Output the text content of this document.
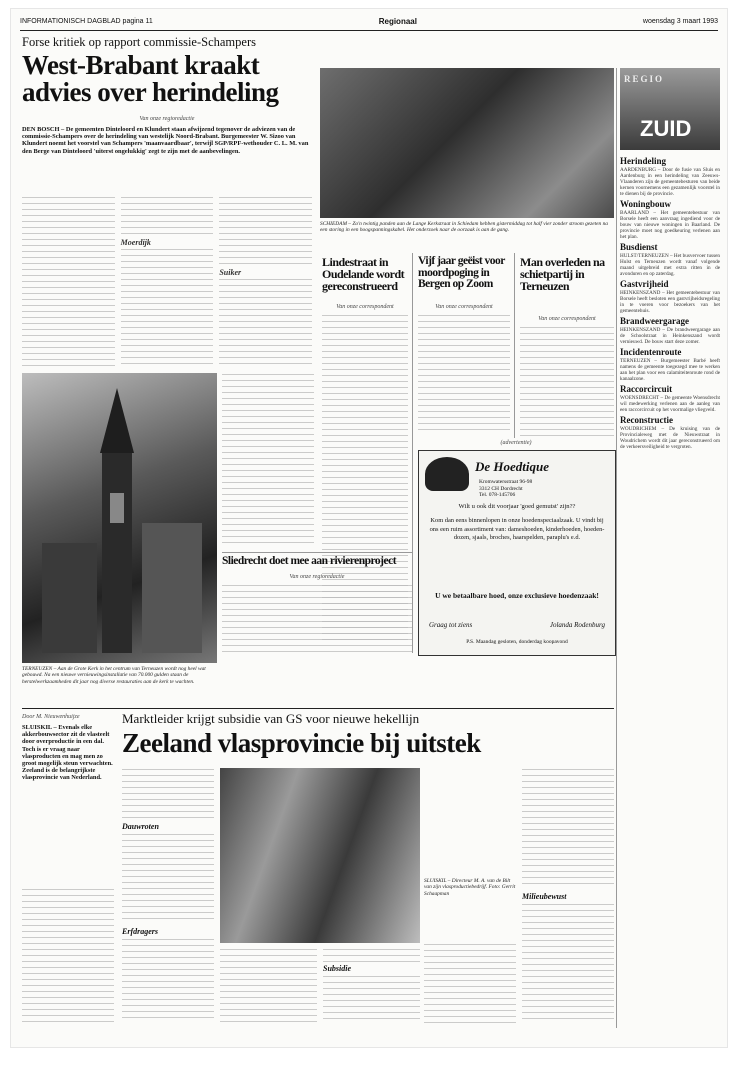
INFORMATIONISCH DAGBLAD pagina 11	Regionaal	woensdag 3 maart 1993
Forse kritiek op rapport commissie-Schampers
West-Brabant kraakt advies over herindeling
Van onze regioredactie
DEN BOSCH – De gemeenten Dinteloord en Klundert staan afwijzend tegenover de adviezen van de commissie-Schampers over de herindeling van westelijk Noord-Brabant. Burgemeester W. Sizoo van Klundert noemt het voorstel van Schampers 'maanvaardbaar', terwijl SGP/RPF-wethouder C. L. M. van den Berge van Dinteloord 'uiterst ongelukkig' zegt te zijn met de aanbevelingen.
Moerdijk
Suiker
SCHIEDAM – Zo'n twintig panden aan de Lange Kerkstraat in Schiedam hebben gistermiddag tot half vier zonder stroom gezeten na een storing in een hoogspanningskabel. Het onderzoek naar de oorzaak is aan de gang.
Lindestraat in Oudelande wordt gereconstrueerd
Van onze correspondent
Vijf jaar geëist voor moordpoging in Bergen op Zoom
Van onze correspondent
Man overleden na schietpartij in Terneuzen
Van onze correspondent
TERNEUZEN – Aan de Grote Kerk in het centrum van Terneuzen wordt nog heel wat gebouwd. Na een nieuwe vernieuwingsinstallatie van 70.000 gulden staan de herstelwerkzaamheden dit jaar nog diverse restauraties aan de kerk te wachten.
Sliedrecht doet mee aan rivierenproject
Van onze regioredactie
(advertentie)
De Hoedtique
Kromwatersstraat 96-98
3312 CH Dordrecht
Tel. 078-145706
Wilt u ook dit voorjaar 'goed gemutst' zijn??
Kom dan eens binnenlopen in onze hoedenspeciaalzaak. U vindt bij ons een ruim assortiment van: dameshoeden, kinderhoeden, hoeden-dozen, sjaals, broches, haarspelden, paraplu's e.d.
U we betaalbare hoed, onze exclusieve hoedenzaak!
Graag tot ziens	Jolanda Rodenburg
P.S. Maandag gesloten, donderdag koopavond
REGIO
ZUID
Herindeling
AARDENBURG – Door de fusie van Sluis en Aardenburg in een herindeling van Zeeuws-Vlaanderen zijn de gemeentebesturen van beide kernen voornemens een gezamenlijk voorstel in te dienen bij de provincie.
Woningbouw
BAARLAND – Het gemeentebestuur van Borsele heeft een aanvraag ingediend voor de bouw van nieuwe woningen in Baarland. De provincie moet nog goedkeuring verlenen aan het plan.
Busdienst
HULST/TERNEUZEN – Het busvervoer tussen Hulst en Terneuzen wordt vanaf volgende maand uitgebreid met extra ritten in de avonduren en op zaterdag.
Gastvrijheid
HEINKENSZAND – Het gemeentebestuur van Borsele heeft besloten een gastvrijheidsregeling in te voeren voor bezoekers van het gemeentehuis.
Brandweergarage
HEINKENSZAND – De brandweergarage aan de Schoolstraat in Heinkenszand wordt vernieuwd. De bouw start deze zomer.
Incidentenroute
TERNEUZEN – Burgemeester Barbé heeft namens de gemeente toegezegd mee te werken aan het plan voor een calamiteitenroute rond de kanaalzone.
Raccorcircuit
WOENSDRECHT – De gemeente Woensdrecht wil medewerking verlenen aan de aanleg van een raccorcircuit op het voormalige vliegveld.
Reconstructie
WOUDRICHEM – De kruising van de Provincialeweg met de Nieuwstraat in Woudrichem wordt dit jaar gereconstrueerd om de verkeersveiligheid te vergroten.
Door M. Nieuwenhuijze
SLUISKIL – Evenals elke akkerbouwsector zit de vlasteelt door overproductie in een dal. Toch is er vraag naar vlasproducten en mag men zo groot mogelijk steun verwachten. Zeeland is de belangrijkste vlasprovincie van Nederland.
Marktleider krijgt subsidie van GS voor nieuwe hekellijn
Zeeland vlasprovincie bij uitstek
Dauwroten
Erfdragers
SLUISKIL – Directeur M. A. van de Bilt van zijn vlasproductiebedrijf. Foto: Gerrit Schaapman
Subsidie
Milieubewust
